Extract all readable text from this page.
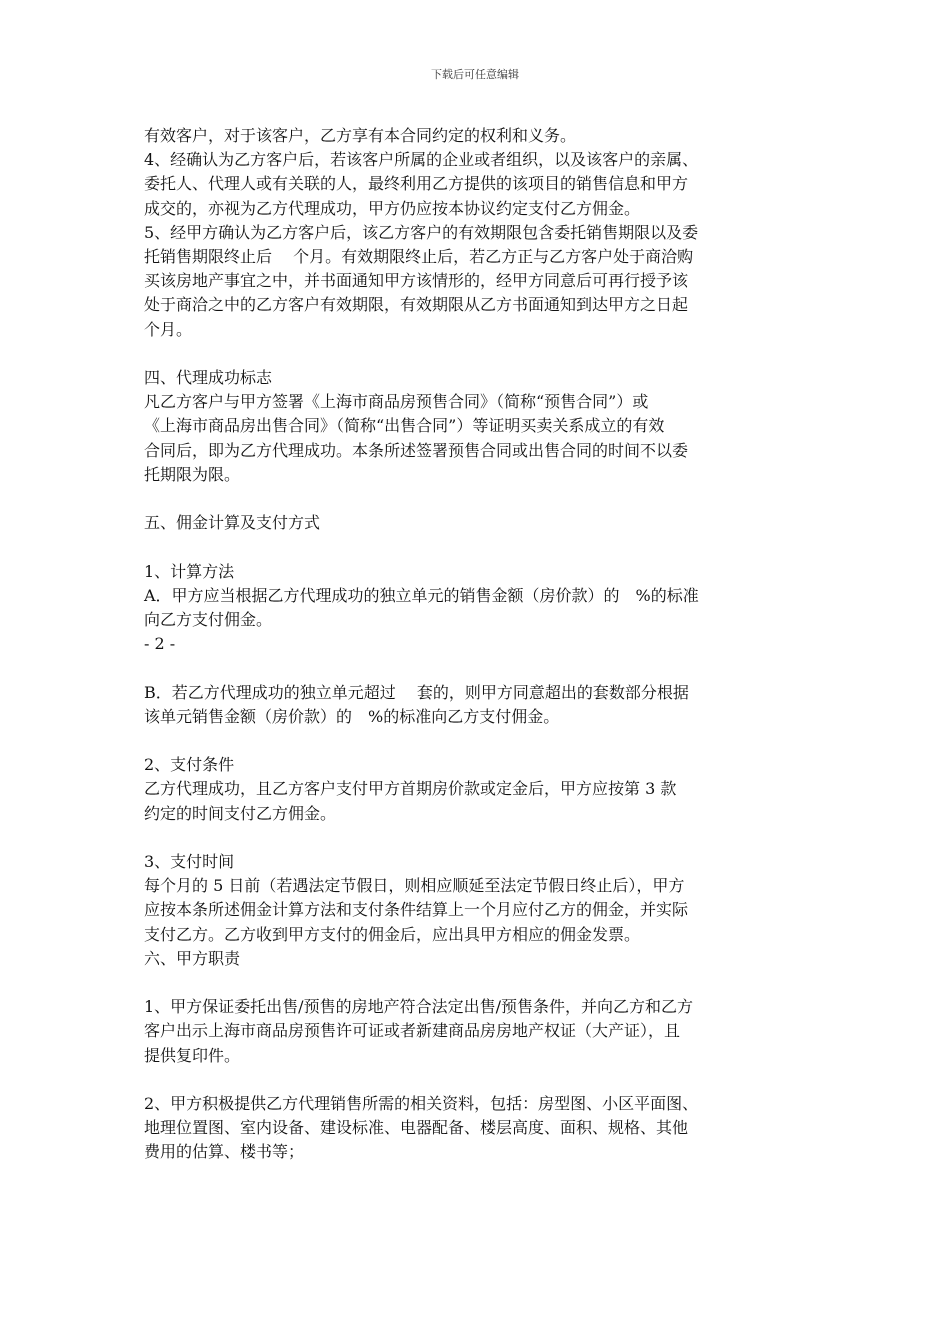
下载后可任意编辑
有效客户，对于该客户，乙方享有本合同约定的权利和义务。
4、经确认为乙方客户后，若该客户所属的企业或者组织，以及该客户的亲属、
委托人、代理人或有关联的人，最终利用乙方提供的该项目的销售信息和甲方
成交的，亦视为乙方代理成功，甲方仍应按本协议约定支付乙方佣金。
5、经甲方确认为乙方客户后，该乙方客户的有效期限包含委托销售期限以及委
托销售期限终止后　 个月。有效期限终止后，若乙方正与乙方客户处于商洽购
买该房地产事宜之中，并书面通知甲方该情形的，经甲方同意后可再行授予该
处于商洽之中的乙方客户有效期限，有效期限从乙方书面通知到达甲方之日起
个月。
四、代理成功标志
凡乙方客户与甲方签署《上海市商品房预售合同》（简称“预售合同”）或
《上海市商品房出售合同》（简称“出售合同”）等证明买卖关系成立的有效
合同后，即为乙方代理成功。本条所述签署预售合同或出售合同的时间不以委
托期限为限。
五、佣金计算及支付方式
1、计算方法
A．甲方应当根据乙方代理成功的独立单元的销售金额（房价款）的　%的标准
向乙方支付佣金。
- 2 -
B．若乙方代理成功的独立单元超过　 套的，则甲方同意超出的套数部分根据
该单元销售金额（房价款）的　%的标准向乙方支付佣金。
2、支付条件
乙方代理成功，且乙方客户支付甲方首期房价款或定金后，甲方应按第 3 款
约定的时间支付乙方佣金。
3、支付时间
每个月的 5 日前（若遇法定节假日，则相应顺延至法定节假日终止后），甲方
应按本条所述佣金计算方法和支付条件结算上一个月应付乙方的佣金，并实际
支付乙方。乙方收到甲方支付的佣金后，应出具甲方相应的佣金发票。
六、甲方职责
1、甲方保证委托出售/预售的房地产符合法定出售/预售条件，并向乙方和乙方
客户出示上海市商品房预售许可证或者新建商品房房地产权证（大产证），且
提供复印件。
2、甲方积极提供乙方代理销售所需的相关资料，包括：房型图、小区平面图、
地理位置图、室内设备、建设标准、电器配备、楼层高度、面积、规格、其他
费用的估算、楼书等；
